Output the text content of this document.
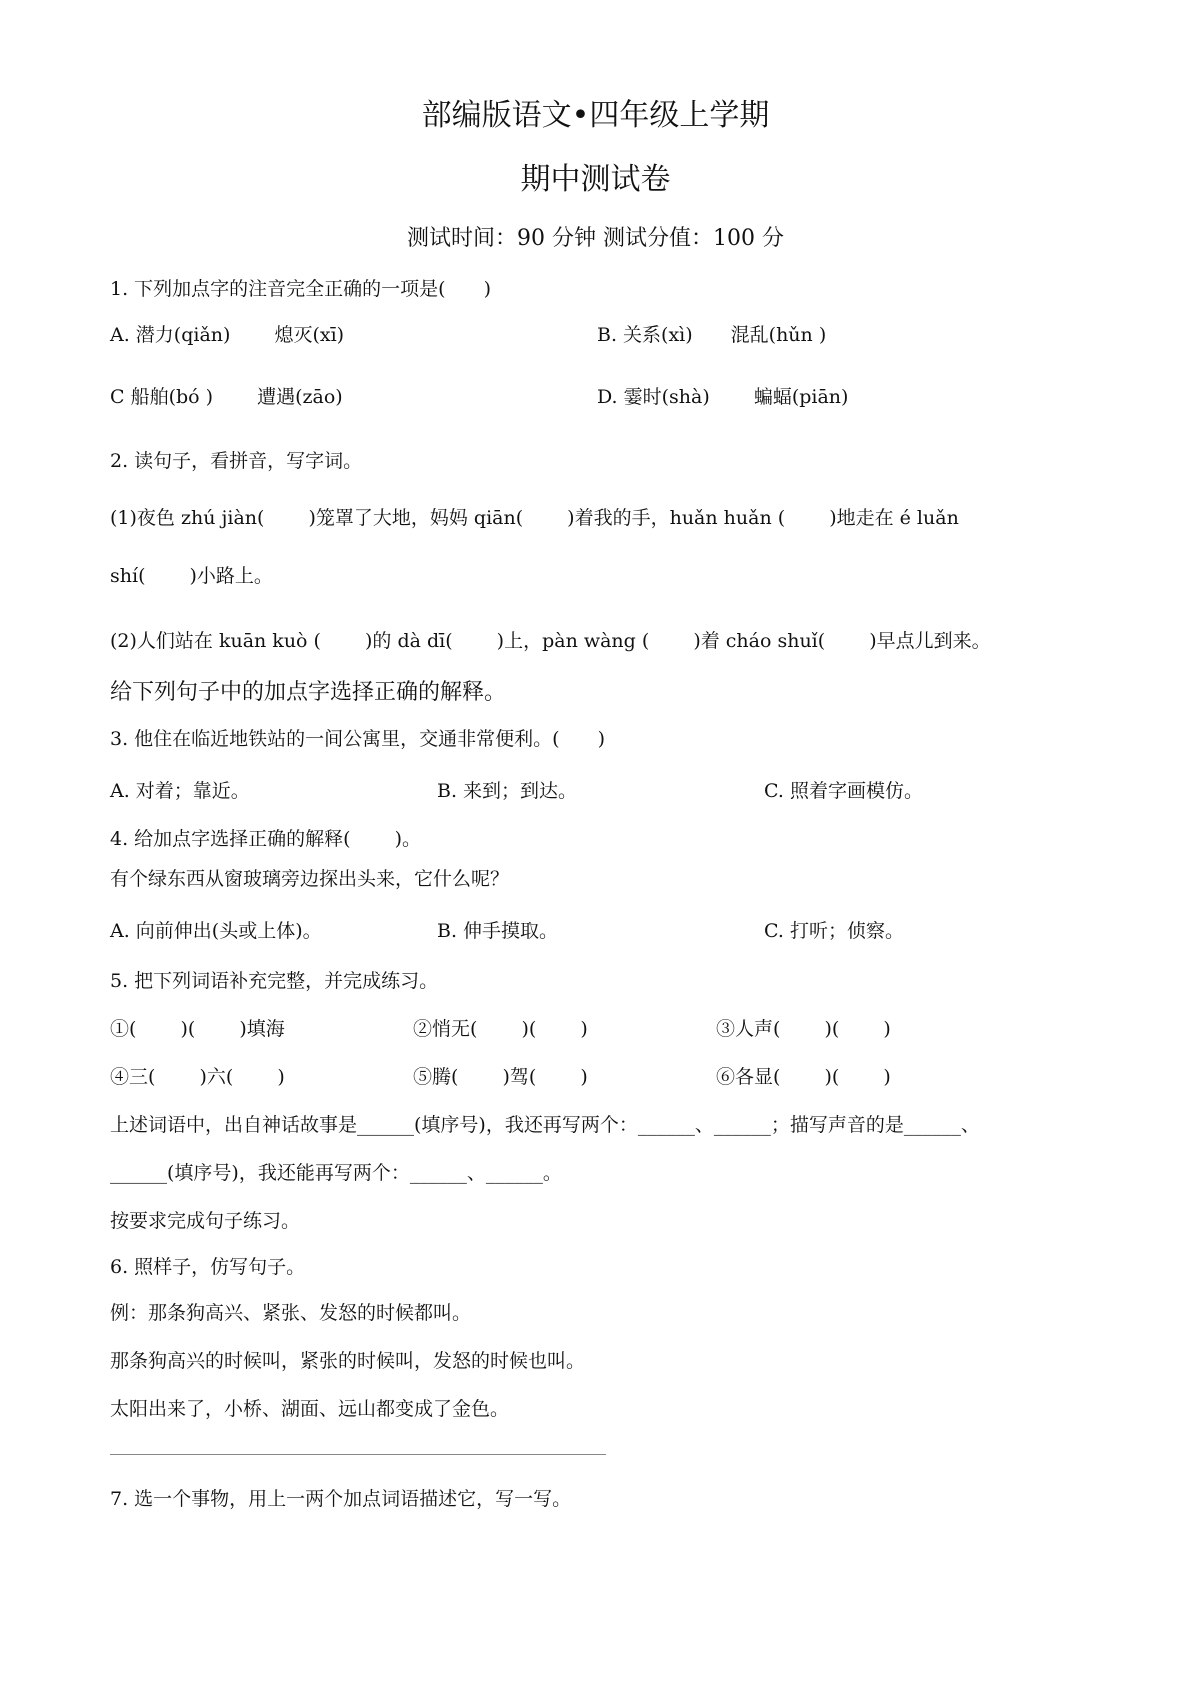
部编版语文•四年级上学期
期中测试卷
测试时间：90 分钟 测试分值：100 分
1. 下列加点字的注音完全正确的一项是(　　)
A. 潜力(qiǎn)　　 熄灭(xī)	B. 关系(xì)　　混乱(hǔn )
C 船舶(bó )　　 遭遇(zāo)	D. 霎时(shà)　　 蝙蝠(piān)
2. 读句子，看拼音，写字词。
(1)夜色 zhú jiàn(　　 )笼罩了大地，妈妈 qiān(　　 )着我的手，huǎn huǎn (　　 )地走在 é luǎn
shí(　　 )小路上。
(2)人们站在 kuān kuò (　　 )的 dà dī(　　 )上，pàn wàng (　　 )着 cháo shuǐ(　　 )早点儿到来。
给下列句子中的加点字选择正确的解释。
3. 他住在临近地铁站的一间公寓里，交通非常便利。(　　)
A. 对着；靠近。	B. 来到；到达。	C. 照着字画模仿。
4. 给加点字选择正确的解释(　　 )。
有个绿东西从窗玻璃旁边探出头来，它什么呢？
A. 向前伸出(头或上体)。	B. 伸手摸取。	C. 打听；侦察。
5. 把下列词语补充完整，并完成练习。
①(　　 )(　　 )填海	②悄无(　　 )(　　 )	③人声(　　 )(　　 )
④三(　　 )六(　　 )	⑤腾(　　 )驾(　　 )	⑥各显(　　 )(　　 )
上述词语中，出自神话故事是______(填序号)，我还再写两个：______、______；描写声音的是______、
______(填序号)，我还能再写两个：______、______。
按要求完成句子练习。
6. 照样子，仿写句子。
例：那条狗高兴、紧张、发怒的时候都叫。
那条狗高兴的时候叫，紧张的时候叫，发怒的时候也叫。
太阳出来了，小桥、湖面、远山都变成了金色。
7. 选一个事物，用上一两个加点词语描述它，写一写。
